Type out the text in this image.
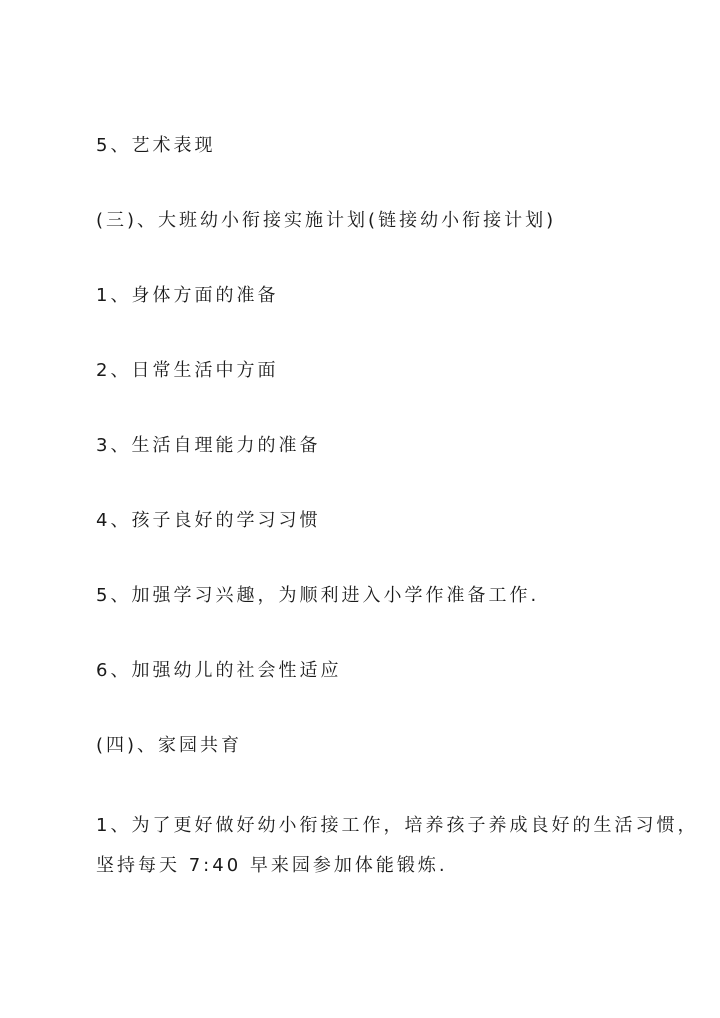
5、艺术表现

(三)、大班幼小衔接实施计划(链接幼小衔接计划)

1、身体方面的准备

2、日常生活中方面

3、生活自理能力的准备

4、孩子良好的学习习惯

5、加强学习兴趣，为顺利进入小学作准备工作.

6、加强幼儿的社会性适应

(四)、家园共育

1、为了更好做好幼小衔接工作，培养孩子养成良好的生活习惯，

坚持每天 7:40 早来园参加体能锻炼.
